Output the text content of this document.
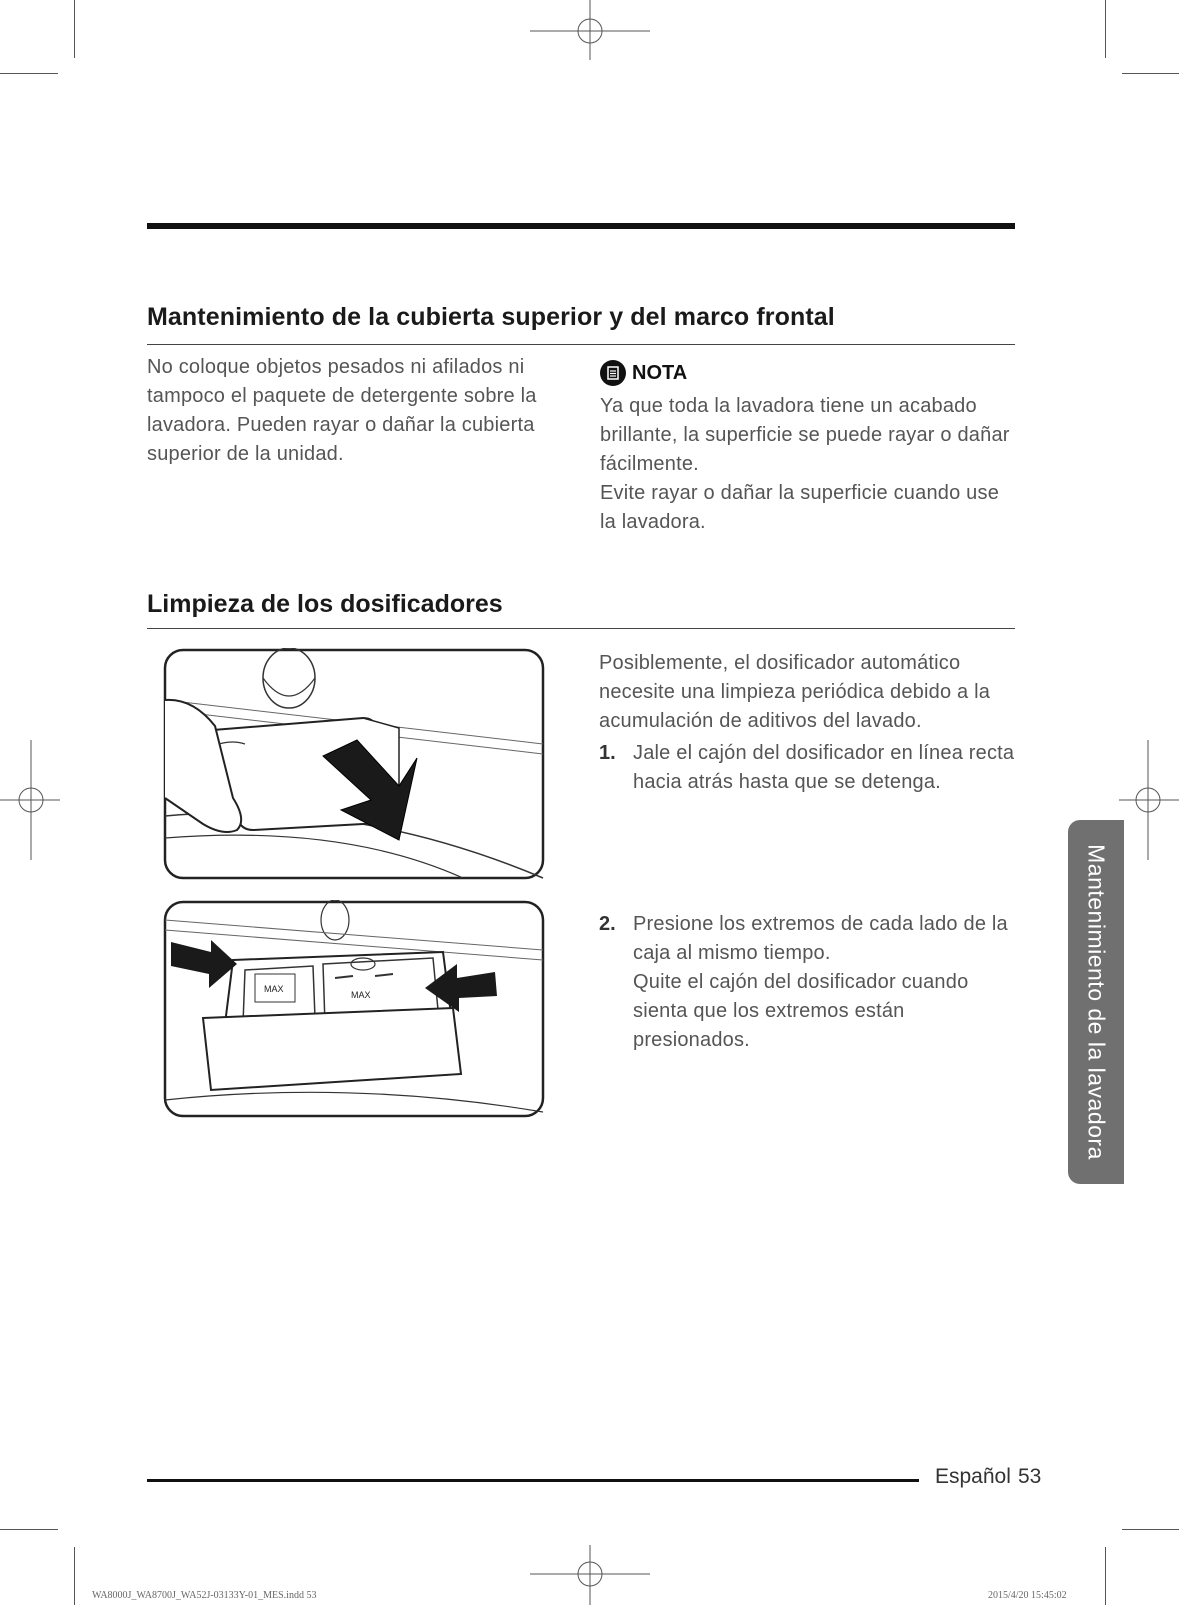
Mantenimiento de la cubierta superior y del marco frontal
No coloque objetos pesados ni afilados ni tampoco el paquete de detergente sobre la lavadora. Pueden rayar o dañar la cubierta superior de la unidad.
NOTA
Ya que toda la lavadora tiene un acabado brillante, la superficie se puede rayar o dañar fácilmente.
Evite rayar o dañar la superficie cuando use la lavadora.
Limpieza de los dosificadores
MAX
MAX
Posiblemente, el dosificador automático necesite una limpieza periódica debido a la acumulación de aditivos del lavado.
1. Jale el cajón del dosificador en línea recta hacia atrás hasta que se detenga.
2. Presione los extremos de cada lado de la caja al mismo tiempo.
Quite el cajón del dosificador cuando sienta que los extremos están presionados.	Mantenimiento de la lavadora
Español 53
WA8000J_WA8700J_WA52J-03133Y-01_MES.indd 53	2015/4/20 15:45:02
